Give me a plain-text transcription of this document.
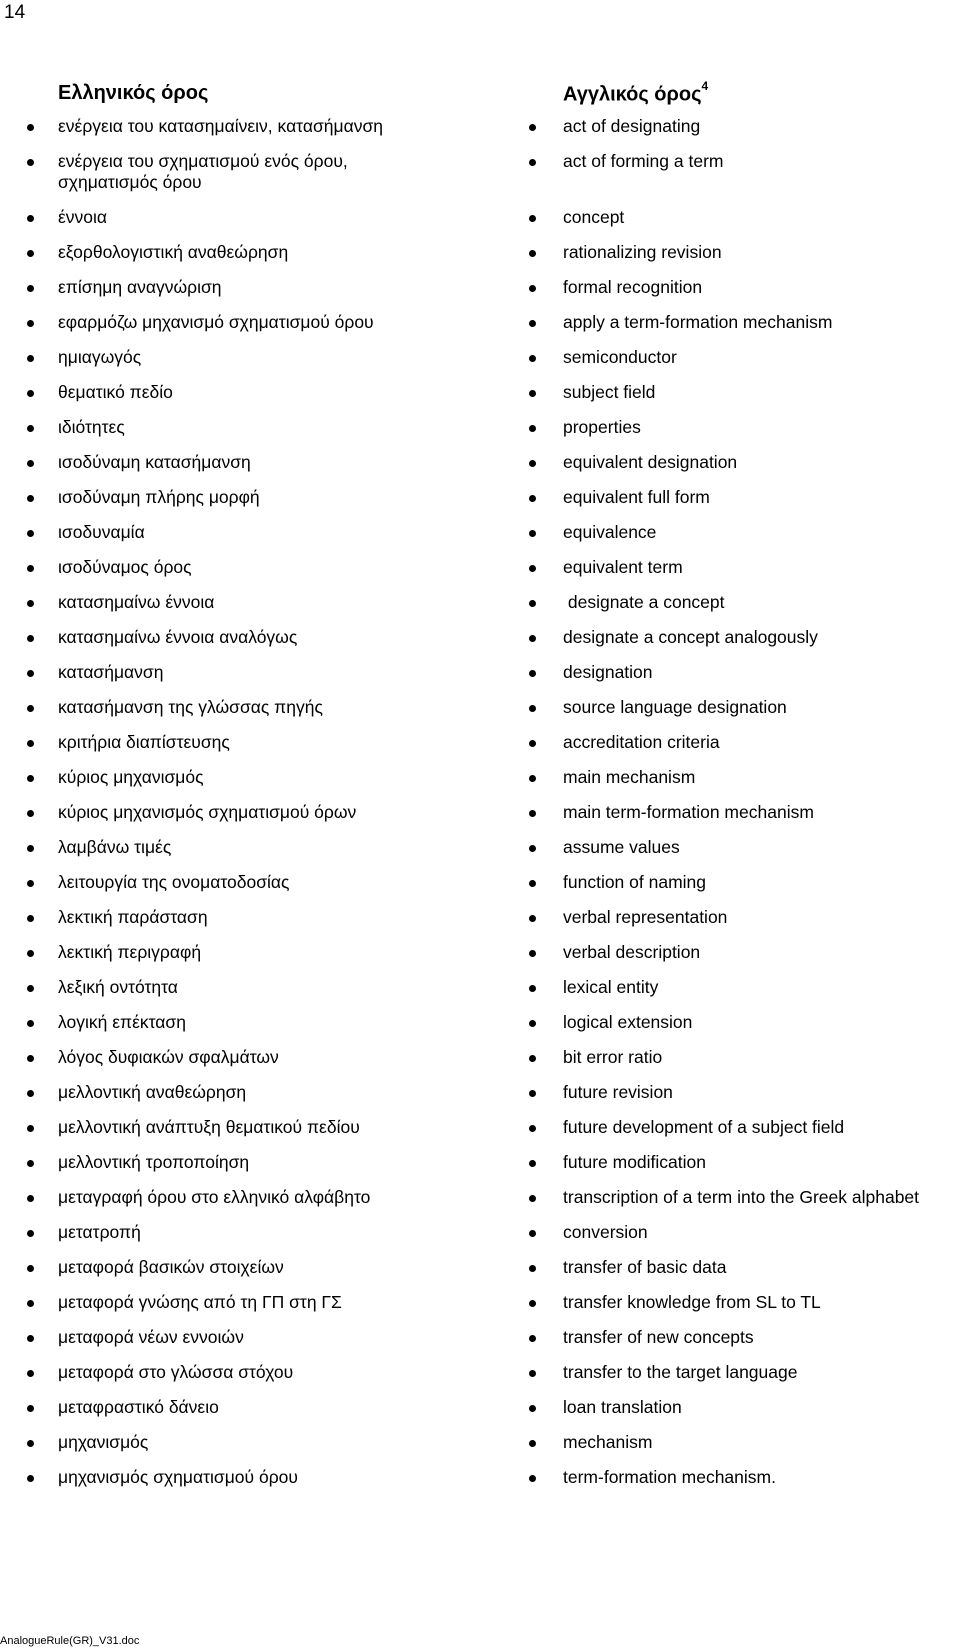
14
Ελληνικός όρος	Αγγλικός όρος$^4$
ενέργεια του κατασημαίνειν, κατασήμανση
ενέργεια του σχηματισμού ενός όρου,
σχηματισμός όρου
έννοια
εξορθολογιστική αναθεώρηση
επίσημη αναγνώριση
εφαρμόζω μηχανισμό σχηματισμού όρου
ημιαγωγός
θεματικό πεδίο
ιδιότητες
ισοδύναμη κατασήμανση
ισοδύναμη πλήρης μορφή
ισοδυναμία
ισοδύναμος όρος
κατασημαίνω έννοια
κατασημαίνω έννοια αναλόγως
κατασήμανση
κατασήμανση της γλώσσας πηγής
κριτήρια διαπίστευσης
κύριος μηχανισμός
κύριος μηχανισμός σχηματισμού όρων
λαμβάνω τιμές
λειτουργία της ονοματοδοσίας
λεκτική παράσταση
λεκτική περιγραφή
λεξική οντότητα
λογική επέκταση
λόγος δυφιακών σφαλμάτων
μελλοντική αναθεώρηση
μελλοντική ανάπτυξη θεματικού πεδίου
μελλοντική τροποποίηση
μεταγραφή όρου στο ελληνικό αλφάβητο
μετατροπή
μεταφορά βασικών στοιχείων
μεταφορά γνώσης από τη ΓΠ στη ΓΣ
μεταφορά νέων εννοιών
μεταφορά στο γλώσσα στόχου
μεταφραστικό δάνειο
μηχανισμός
μηχανισμός σχηματισμού όρου
act of designating
act of forming a term
concept
rationalizing revision
formal recognition
apply a term-formation mechanism
semiconductor
subject field
properties
equivalent designation
equivalent full form
equivalence
equivalent term
designate a concept
designate a concept analogously
designation
source language designation
accreditation criteria
main mechanism
main term-formation mechanism
assume values
function of naming
verbal representation
verbal description
lexical entity
logical extension
bit error ratio
future revision
future development of a subject field
future modification
transcription of a term into the Greek alphabet
conversion
transfer of basic data
transfer knowledge from SL to TL
transfer of new concepts
transfer to the target language
loan translation
mechanism
term-formation mechanism.
AnalogueRule(GR)_V31.doc
